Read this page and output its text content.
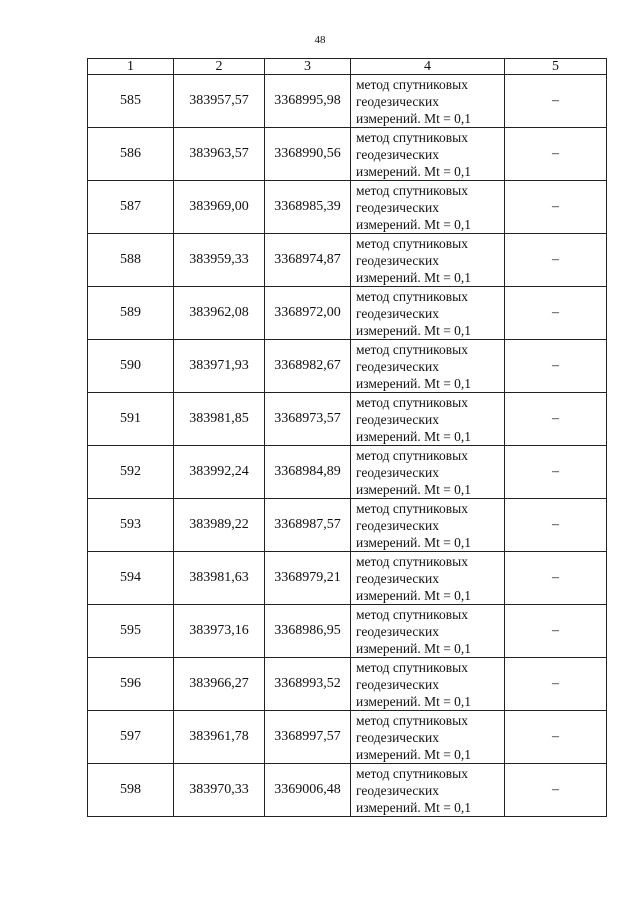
48
1	2	3	4	5
585	383957,57	3368995,98	метод спутниковых
геодезических
измерений. Mt = 0,1	–
586	383963,57	3368990,56	метод спутниковых
геодезических
измерений. Mt = 0,1	–
587	383969,00	3368985,39	метод спутниковых
геодезических
измерений. Mt = 0,1	–
588	383959,33	3368974,87	метод спутниковых
геодезических
измерений. Mt = 0,1	–
589	383962,08	3368972,00	метод спутниковых
геодезических
измерений. Mt = 0,1	–
590	383971,93	3368982,67	метод спутниковых
геодезических
измерений. Mt = 0,1	–
591	383981,85	3368973,57	метод спутниковых
геодезических
измерений. Mt = 0,1	–
592	383992,24	3368984,89	метод спутниковых
геодезических
измерений. Mt = 0,1	–
593	383989,22	3368987,57	метод спутниковых
геодезических
измерений. Mt = 0,1	–
594	383981,63	3368979,21	метод спутниковых
геодезических
измерений. Mt = 0,1	–
595	383973,16	3368986,95	метод спутниковых
геодезических
измерений. Mt = 0,1	–
596	383966,27	3368993,52	метод спутниковых
геодезических
измерений. Mt = 0,1	–
597	383961,78	3368997,57	метод спутниковых
геодезических
измерений. Mt = 0,1	–
598	383970,33	3369006,48	метод спутниковых
геодезических
измерений. Mt = 0,1	–
